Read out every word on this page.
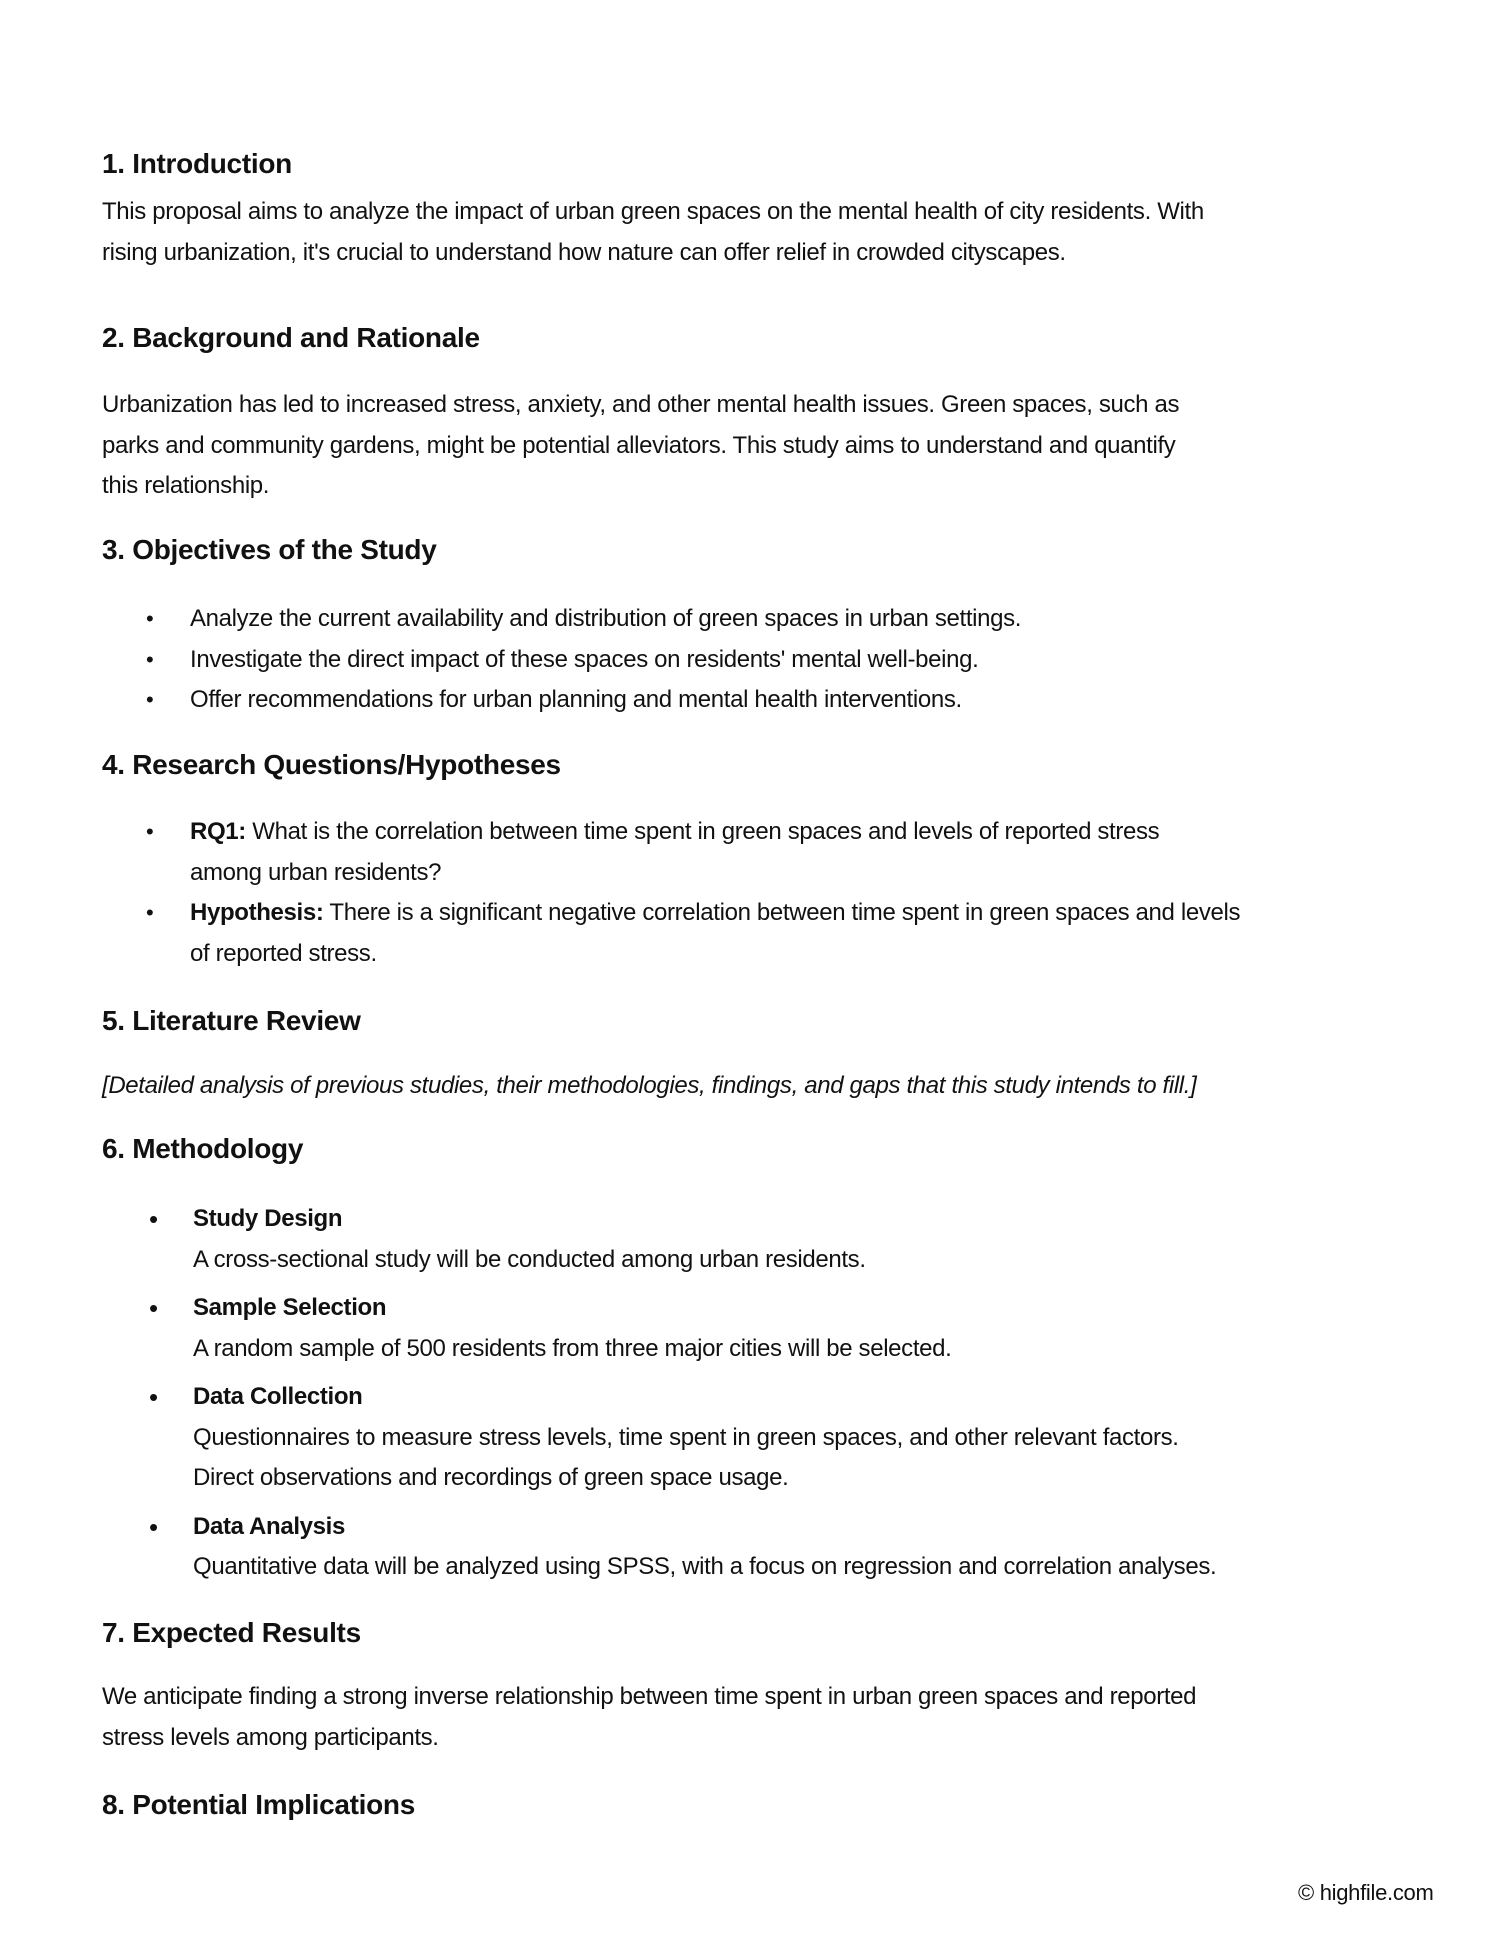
1. Introduction
This proposal aims to analyze the impact of urban green spaces on the mental health of city residents. With
rising urbanization, it's crucial to understand how nature can offer relief in crowded cityscapes.
2. Background and Rationale
Urbanization has led to increased stress, anxiety, and other mental health issues. Green spaces, such as
parks and community gardens, might be potential alleviators. This study aims to understand and quantify
this relationship.
3. Objectives of the Study
• Analyze the current availability and distribution of green spaces in urban settings.
• Investigate the direct impact of these spaces on residents' mental well-being.
• Offer recommendations for urban planning and mental health interventions.
4. Research Questions/Hypotheses
• RQ1: What is the correlation between time spent in green spaces and levels of reported stress
among urban residents?
• Hypothesis: There is a significant negative correlation between time spent in green spaces and levels
of reported stress.
5. Literature Review
[Detailed analysis of previous studies, their methodologies, findings, and gaps that this study intends to fill.]
6. Methodology
• Study Design
A cross-sectional study will be conducted among urban residents.
• Sample Selection
A random sample of 500 residents from three major cities will be selected.
• Data Collection
Questionnaires to measure stress levels, time spent in green spaces, and other relevant factors.
Direct observations and recordings of green space usage.
• Data Analysis
Quantitative data will be analyzed using SPSS, with a focus on regression and correlation analyses.
7. Expected Results
We anticipate finding a strong inverse relationship between time spent in urban green spaces and reported
stress levels among participants.
8. Potential Implications
© highfile.com
